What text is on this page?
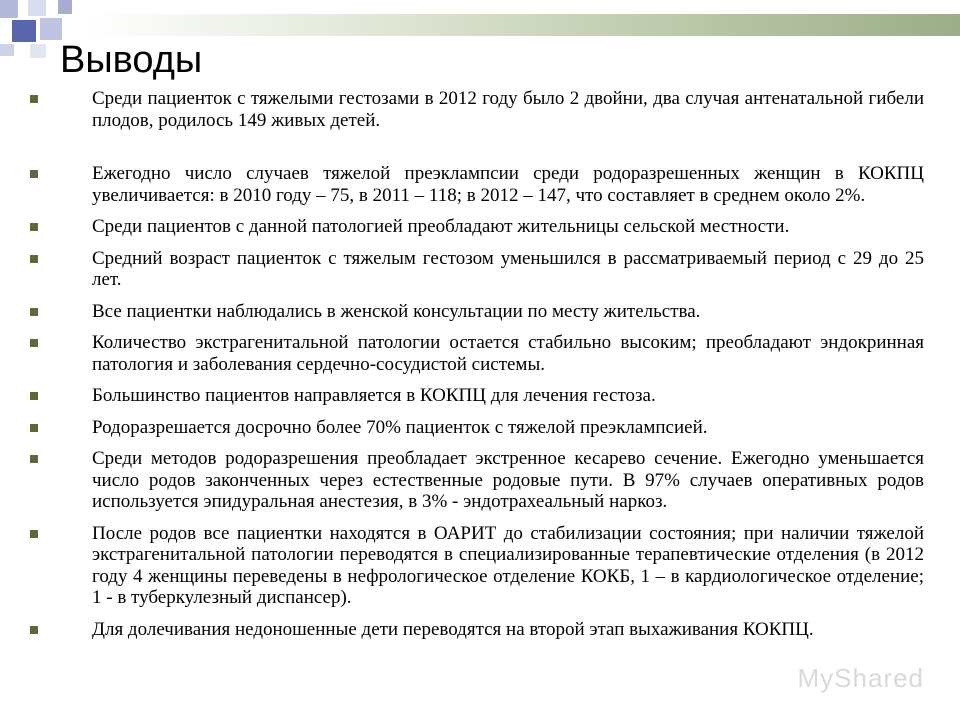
Выводы
Среди пациенток с тяжелыми гестозами в 2012 году было 2 двойни, два случая антенатальной гибели плодов, родилось 149 живых детей.
Ежегодно число случаев тяжелой преэклампсии среди родоразрешенных женщин в КОКПЦ увеличивается: в 2010 году – 75, в 2011 – 118; в 2012 – 147, что составляет в среднем около 2%.
Среди пациентов с данной патологией преобладают жительницы сельской местности.
Средний возраст пациенток с тяжелым гестозом уменьшился в рассматриваемый период с 29 до 25 лет.
Все пациентки наблюдались в женской консультации по месту жительства.
Количество экстрагенитальной патологии остается стабильно высоким; преобладают эндокринная патология и заболевания сердечно-сосудистой системы.
Большинство пациентов направляется в КОКПЦ для лечения гестоза.
Родоразрешается досрочно более 70% пациенток с тяжелой преэклампсией.
Среди методов родоразрешения преобладает экстренное кесарево сечение. Ежегодно уменьшается число родов законченных через естественные родовые пути. В 97% случаев оперативных родов используется эпидуральная анестезия, в 3% - эндотрахеальный наркоз.
После родов все пациентки находятся в ОАРИТ до стабилизации состояния; при наличии тяжелой экстрагенитальной патологии переводятся в специализированные терапевтические отделения (в 2012 году 4 женщины переведены в нефрологическое отделение КОКБ, 1 – в кардиологическое отделение; 1 - в туберкулезный диспансер).
Для долечивания недоношенные дети переводятся на второй этап выхаживания КОКПЦ.
MyShared
